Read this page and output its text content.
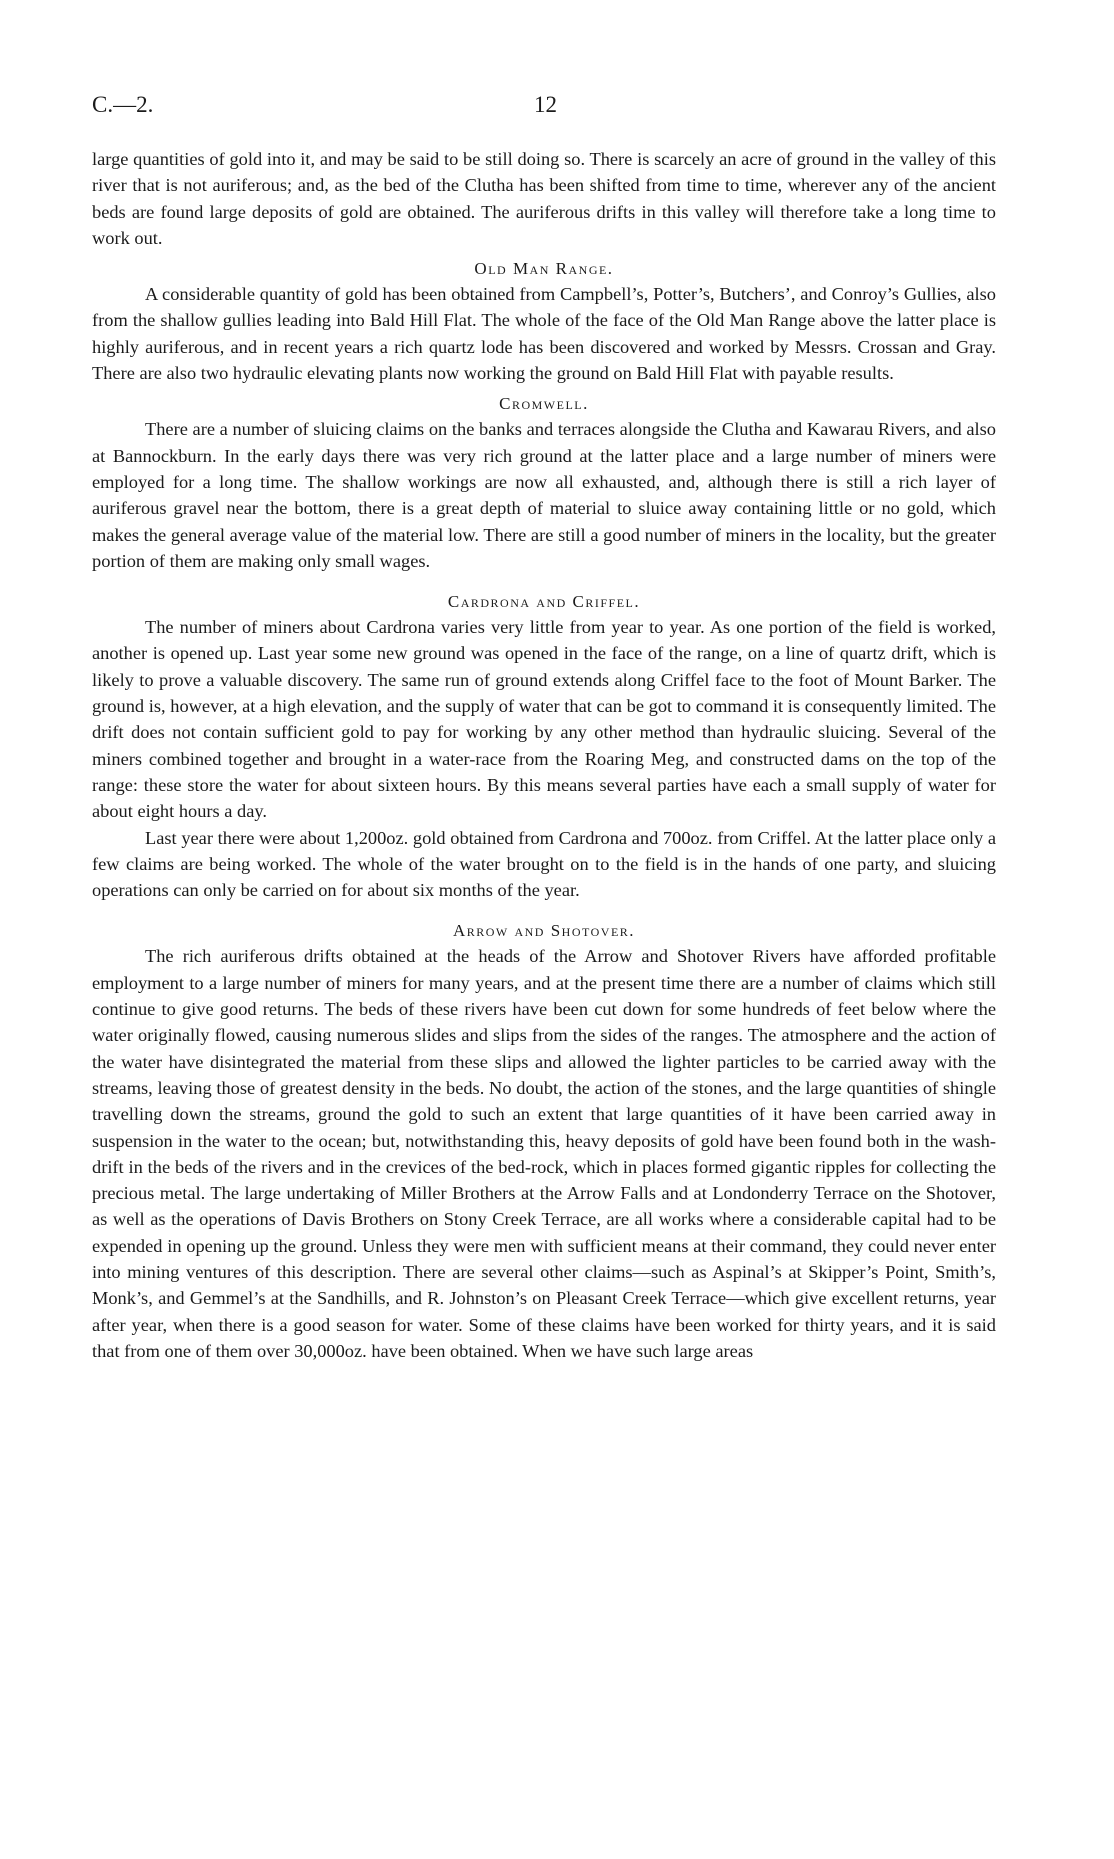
C.—2.	12

large quantities of gold into it, and may be said to be still doing so. There is scarcely an acre of ground in the valley of this river that is not auriferous; and, as the bed of the Clutha has been shifted from time to time, wherever any of the ancient beds are found large deposits of gold are obtained. The auriferous drifts in this valley will therefore take a long time to work out.

Old Man Range.

A considerable quantity of gold has been obtained from Campbell’s, Potter’s, Butchers’, and Conroy’s Gullies, also from the shallow gullies leading into Bald Hill Flat. The whole of the face of the Old Man Range above the latter place is highly auriferous, and in recent years a rich quartz lode has been discovered and worked by Messrs. Crossan and Gray. There are also two hydraulic elevating plants now working the ground on Bald Hill Flat with payable results.

Cromwell.

There are a number of sluicing claims on the banks and terraces alongside the Clutha and Kawarau Rivers, and also at Bannockburn. In the early days there was very rich ground at the latter place and a large number of miners were employed for a long time. The shallow workings are now all exhausted, and, although there is still a rich layer of auriferous gravel near the bottom, there is a great depth of material to sluice away containing little or no gold, which makes the general average value of the material low. There are still a good number of miners in the locality, but the greater portion of them are making only small wages.

Cardrona and Criffel.

The number of miners about Cardrona varies very little from year to year. As one portion of the field is worked, another is opened up. Last year some new ground was opened in the face of the range, on a line of quartz drift, which is likely to prove a valuable discovery. The same run of ground extends along Criffel face to the foot of Mount Barker. The ground is, however, at a high elevation, and the supply of water that can be got to command it is consequently limited. The drift does not contain sufficient gold to pay for working by any other method than hydraulic sluicing. Several of the miners combined together and brought in a water-race from the Roaring Meg, and constructed dams on the top of the range: these store the water for about sixteen hours. By this means several parties have each a small supply of water for about eight hours a day.

Last year there were about 1,200oz. gold obtained from Cardrona and 700oz. from Criffel. At the latter place only a few claims are being worked. The whole of the water brought on to the field is in the hands of one party, and sluicing operations can only be carried on for about six months of the year.

Arrow and Shotover.

The rich auriferous drifts obtained at the heads of the Arrow and Shotover Rivers have afforded profitable employment to a large number of miners for many years, and at the present time there are a number of claims which still continue to give good returns. The beds of these rivers have been cut down for some hundreds of feet below where the water originally flowed, causing numerous slides and slips from the sides of the ranges. The atmosphere and the action of the water have disintegrated the material from these slips and allowed the lighter particles to be carried away with the streams, leaving those of greatest density in the beds. No doubt, the action of the stones, and the large quantities of shingle travelling down the streams, ground the gold to such an extent that large quantities of it have been carried away in suspension in the water to the ocean; but, notwithstanding this, heavy deposits of gold have been found both in the wash-drift in the beds of the rivers and in the crevices of the bed-rock, which in places formed gigantic ripples for collecting the precious metal. The large undertaking of Miller Brothers at the Arrow Falls and at Londonderry Terrace on the Shotover, as well as the operations of Davis Brothers on Stony Creek Terrace, are all works where a considerable capital had to be expended in opening up the ground. Unless they were men with sufficient means at their command, they could never enter into mining ventures of this description. There are several other claims—such as Aspinal’s at Skipper’s Point, Smith’s, Monk’s, and Gemmel’s at the Sandhills, and R. Johnston’s on Pleasant Creek Terrace—which give excellent returns, year after year, when there is a good season for water. Some of these claims have been worked for thirty years, and it is said that from one of them over 30,000oz. have been obtained. When we have such large areas
